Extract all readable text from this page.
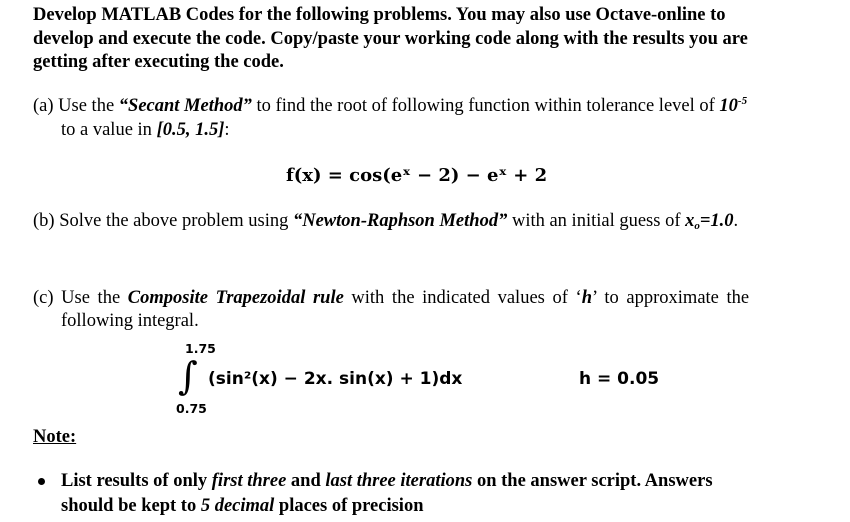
Develop MATLAB Codes for the following problems. You may also use Octave-online to
develop and execute the code. Copy/paste your working code along with the results you are
getting after executing the code.
(a) Use the “Secant Method” to find the root of following function within tolerance level of $10^{-5}$
to a value in [0.5, 1.5]:
f(x) = cos(eˣ − 2) − eˣ + 2
(b) Solve the above problem using “Newton-Raphson Method” with an initial guess of $x_o=1.0$.
(c) Use the Composite Trapezoidal rule with the indicated values of ‘h’ to approximate the
following integral.
1.75
∫
0.75
(sin²(x) − 2x. sin(x) + 1)dx	h = 0.05
Note:
List results of only first three and last three iterations on the answer script. Answers
should be kept to 5 decimal places of precision
